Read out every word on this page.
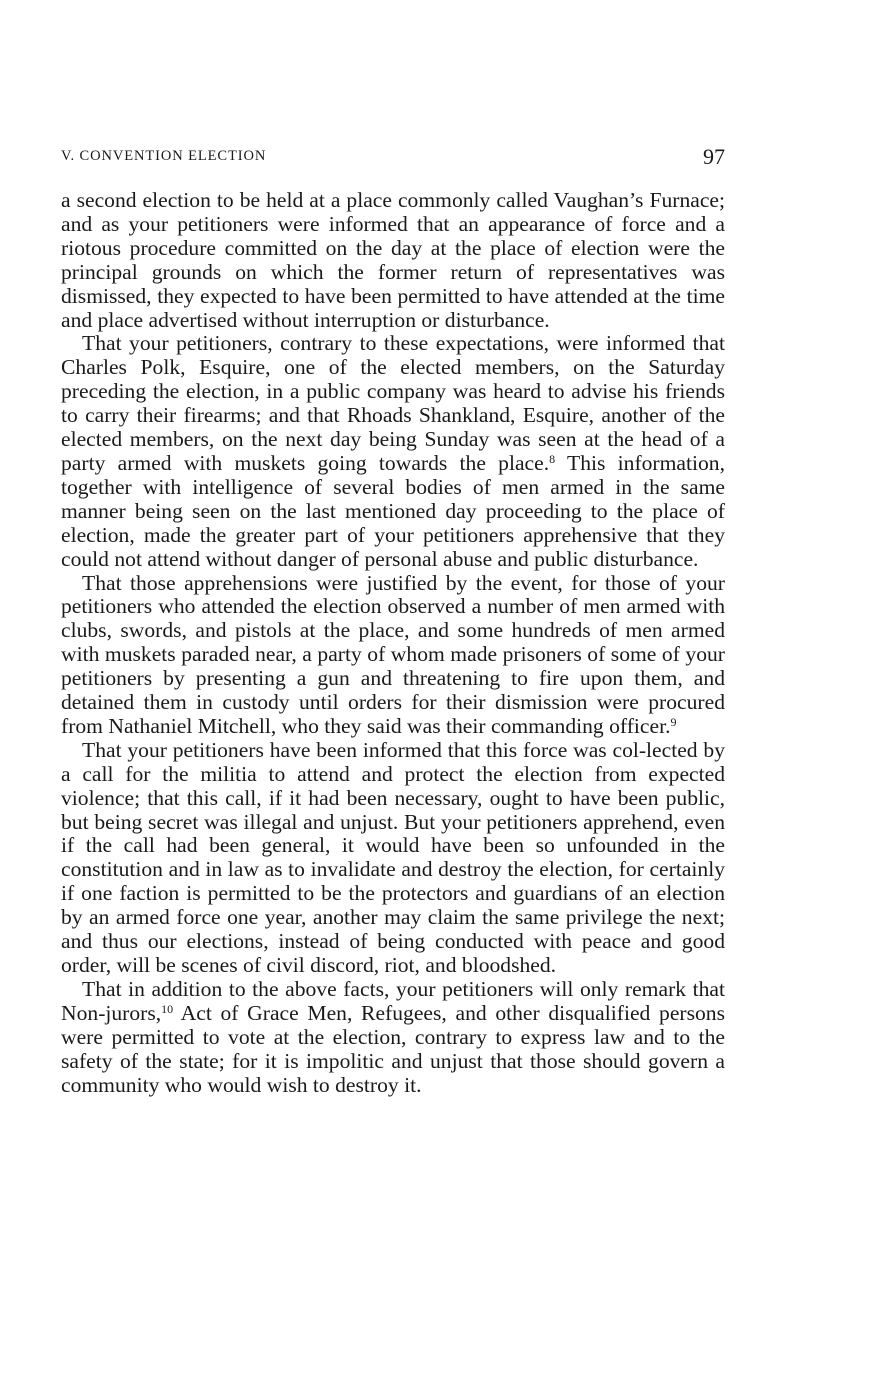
V. CONVENTION ELECTION	97

a second election to be held at a place commonly called Vaughan’s Furnace; and as your petitioners were informed that an appearance of force and a riotous procedure committed on the day at the place of election were the principal grounds on which the former return of representatives was dismissed, they expected to have been permitted to have attended at the time and place advertised without interruption or disturbance.

That your petitioners, contrary to these expectations, were informed that Charles Polk, Esquire, one of the elected members, on the Saturday preceding the election, in a public company was heard to advise his friends to carry their firearms; and that Rhoads Shankland, Esquire, another of the elected members, on the next day being Sunday was seen at the head of a party armed with muskets going towards the place.$^8$ This information, together with intelligence of several bodies of men armed in the same manner being seen on the last mentioned day proceeding to the place of election, made the greater part of your petitioners apprehensive that they could not attend without danger of personal abuse and public disturbance.

That those apprehensions were justified by the event, for those of your petitioners who attended the election observed a number of men armed with clubs, swords, and pistols at the place, and some hundreds of men armed with muskets paraded near, a party of whom made prisoners of some of your petitioners by presenting a gun and threatening to fire upon them, and detained them in custody until orders for their dismission were procured from Nathaniel Mitchell, who they said was their commanding officer.$^9$

That your petitioners have been informed that this force was col-lected by a call for the militia to attend and protect the election from expected violence; that this call, if it had been necessary, ought to have been public, but being secret was illegal and unjust. But your petitioners apprehend, even if the call had been general, it would have been so unfounded in the constitution and in law as to invalidate and destroy the election, for certainly if one faction is permitted to be the protectors and guardians of an election by an armed force one year, another may claim the same privilege the next; and thus our elections, instead of being conducted with peace and good order, will be scenes of civil discord, riot, and bloodshed.

That in addition to the above facts, your petitioners will only remark that Non-jurors,$^{10}$ Act of Grace Men, Refugees, and other disqualified persons were permitted to vote at the election, contrary to express law and to the safety of the state; for it is impolitic and unjust that those should govern a community who would wish to destroy it.
